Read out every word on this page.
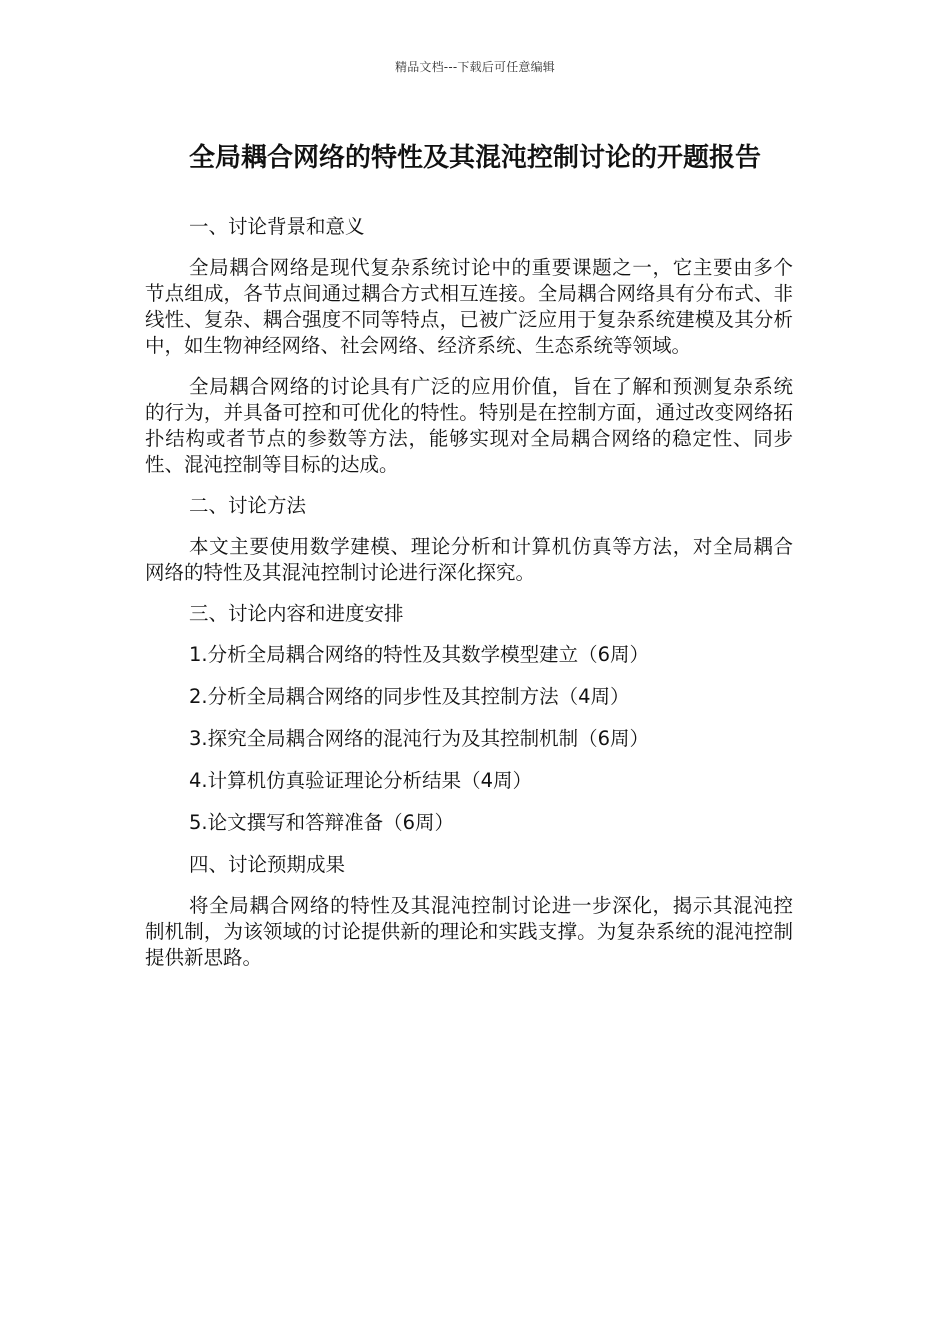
精品文档---下载后可任意编辑
全局耦合网络的特性及其混沌控制讨论的开题报告

一、讨论背景和意义

全局耦合网络是现代复杂系统讨论中的重要课题之一，它主要由多个节点组成，各节点间通过耦合方式相互连接。全局耦合网络具有分布式、非线性、复杂、耦合强度不同等特点，已被广泛应用于复杂系统建模及其分析中，如生物神经网络、社会网络、经济系统、生态系统等领域。

全局耦合网络的讨论具有广泛的应用价值，旨在了解和预测复杂系统的行为，并具备可控和可优化的特性。特别是在控制方面，通过改变网络拓扑结构或者节点的参数等方法，能够实现对全局耦合网络的稳定性、同步性、混沌控制等目标的达成。

二、讨论方法

本文主要使用数学建模、理论分析和计算机仿真等方法，对全局耦合网络的特性及其混沌控制讨论进行深化探究。

三、讨论内容和进度安排

1.分析全局耦合网络的特性及其数学模型建立（6周）

2.分析全局耦合网络的同步性及其控制方法（4周）

3.探究全局耦合网络的混沌行为及其控制机制（6周）

4.计算机仿真验证理论分析结果（4周）

5.论文撰写和答辩准备（6周）

四、讨论预期成果

将全局耦合网络的特性及其混沌控制讨论进一步深化，揭示其混沌控制机制，为该领域的讨论提供新的理论和实践支撑。为复杂系统的混沌控制提供新思路。
